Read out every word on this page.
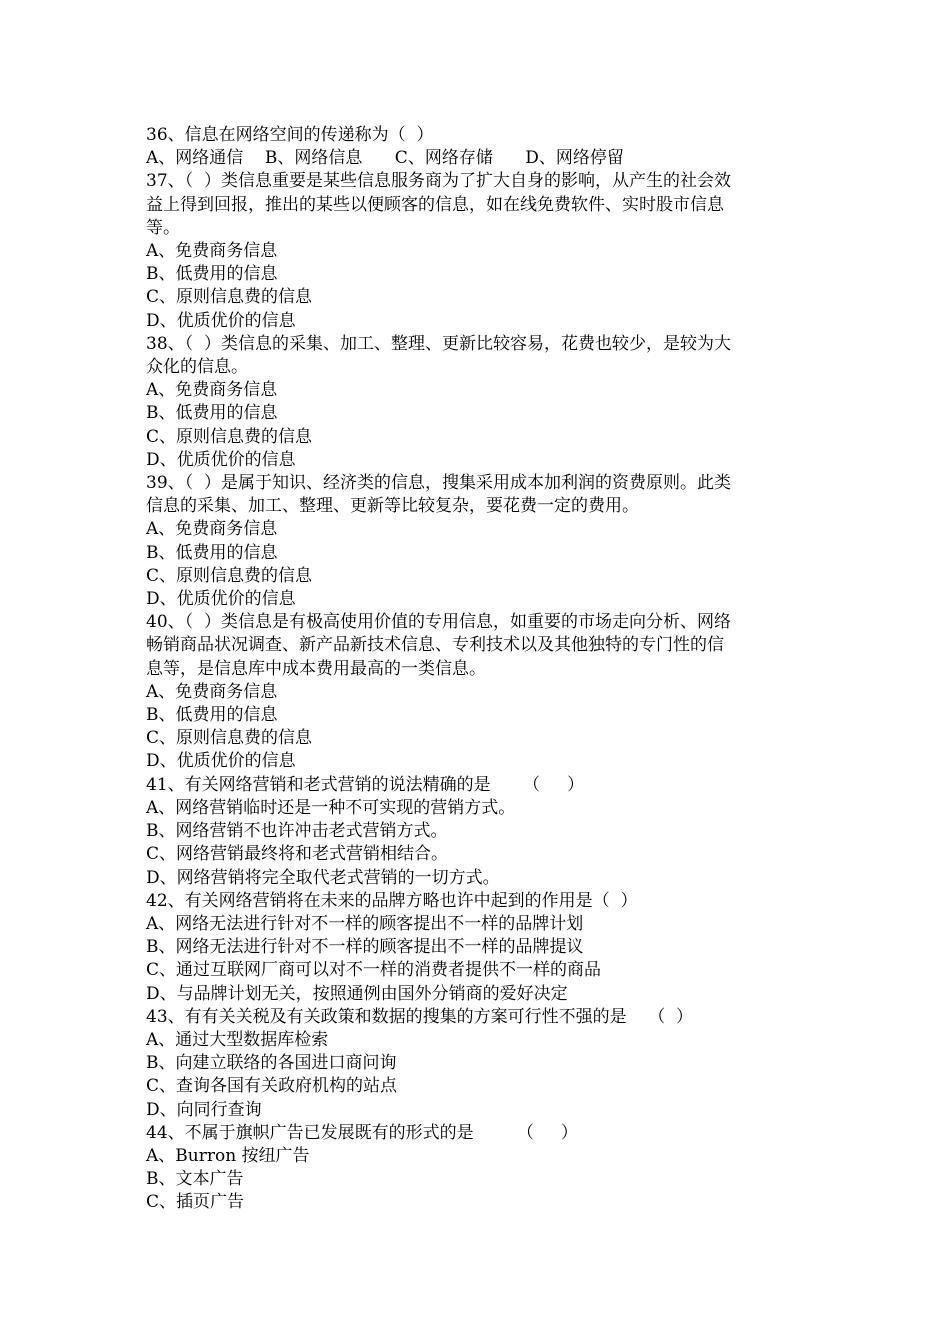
36、信息在网络空间的传递称为（  ）
A、网络通信    B、网络信息      C、网络存储      D、网络停留
37、（  ）类信息重要是某些信息服务商为了扩大自身的影响，从产生的社会效
益上得到回报，推出的某些以便顾客的信息，如在线免费软件、实时股市信息
等。
A、免费商务信息
B、低费用的信息
C、原则信息费的信息
D、优质优价的信息
38、（  ）类信息的采集、加工、整理、更新比较容易，花费也较少，是较为大
众化的信息。
A、免费商务信息
B、低费用的信息
C、原则信息费的信息
D、优质优价的信息
39、（  ）是属于知识、经济类的信息，搜集采用成本加利润的资费原则。此类
信息的采集、加工、整理、更新等比较复杂，要花费一定的费用。
A、免费商务信息
B、低费用的信息
C、原则信息费的信息
D、优质优价的信息
40、（  ）类信息是有极高使用价值的专用信息，如重要的市场走向分析、网络
畅销商品状况调查、新产品新技术信息、专利技术以及其他独特的专门性的信
息等，是信息库中成本费用最高的一类信息。
A、免费商务信息
B、低费用的信息
C、原则信息费的信息
D、优质优价的信息
41、有关网络营销和老式营销的说法精确的是      （     ）
A、网络营销临时还是一种不可实现的营销方式。
B、网络营销不也许冲击老式营销方式。
C、网络营销最终将和老式营销相结合。
D、网络营销将完全取代老式营销的一切方式。
42、有关网络营销将在未来的品牌方略也许中起到的作用是（  ）
A、网络无法进行针对不一样的顾客提出不一样的品牌计划
B、网络无法进行针对不一样的顾客提出不一样的品牌提议
C、通过互联网厂商可以对不一样的消费者提供不一样的商品
D、与品牌计划无关，按照通例由国外分销商的爱好决定
43、有有关关税及有关政策和数据的搜集的方案可行性不强的是    （  ）
A、通过大型数据库检索
B、向建立联络的各国进口商问询
C、查询各国有关政府机构的站点
D、向同行查询
44、不属于旗帜广告已发展既有的形式的是        （     ）
A、Burron 按纽广告
B、文本广告
C、插页广告
